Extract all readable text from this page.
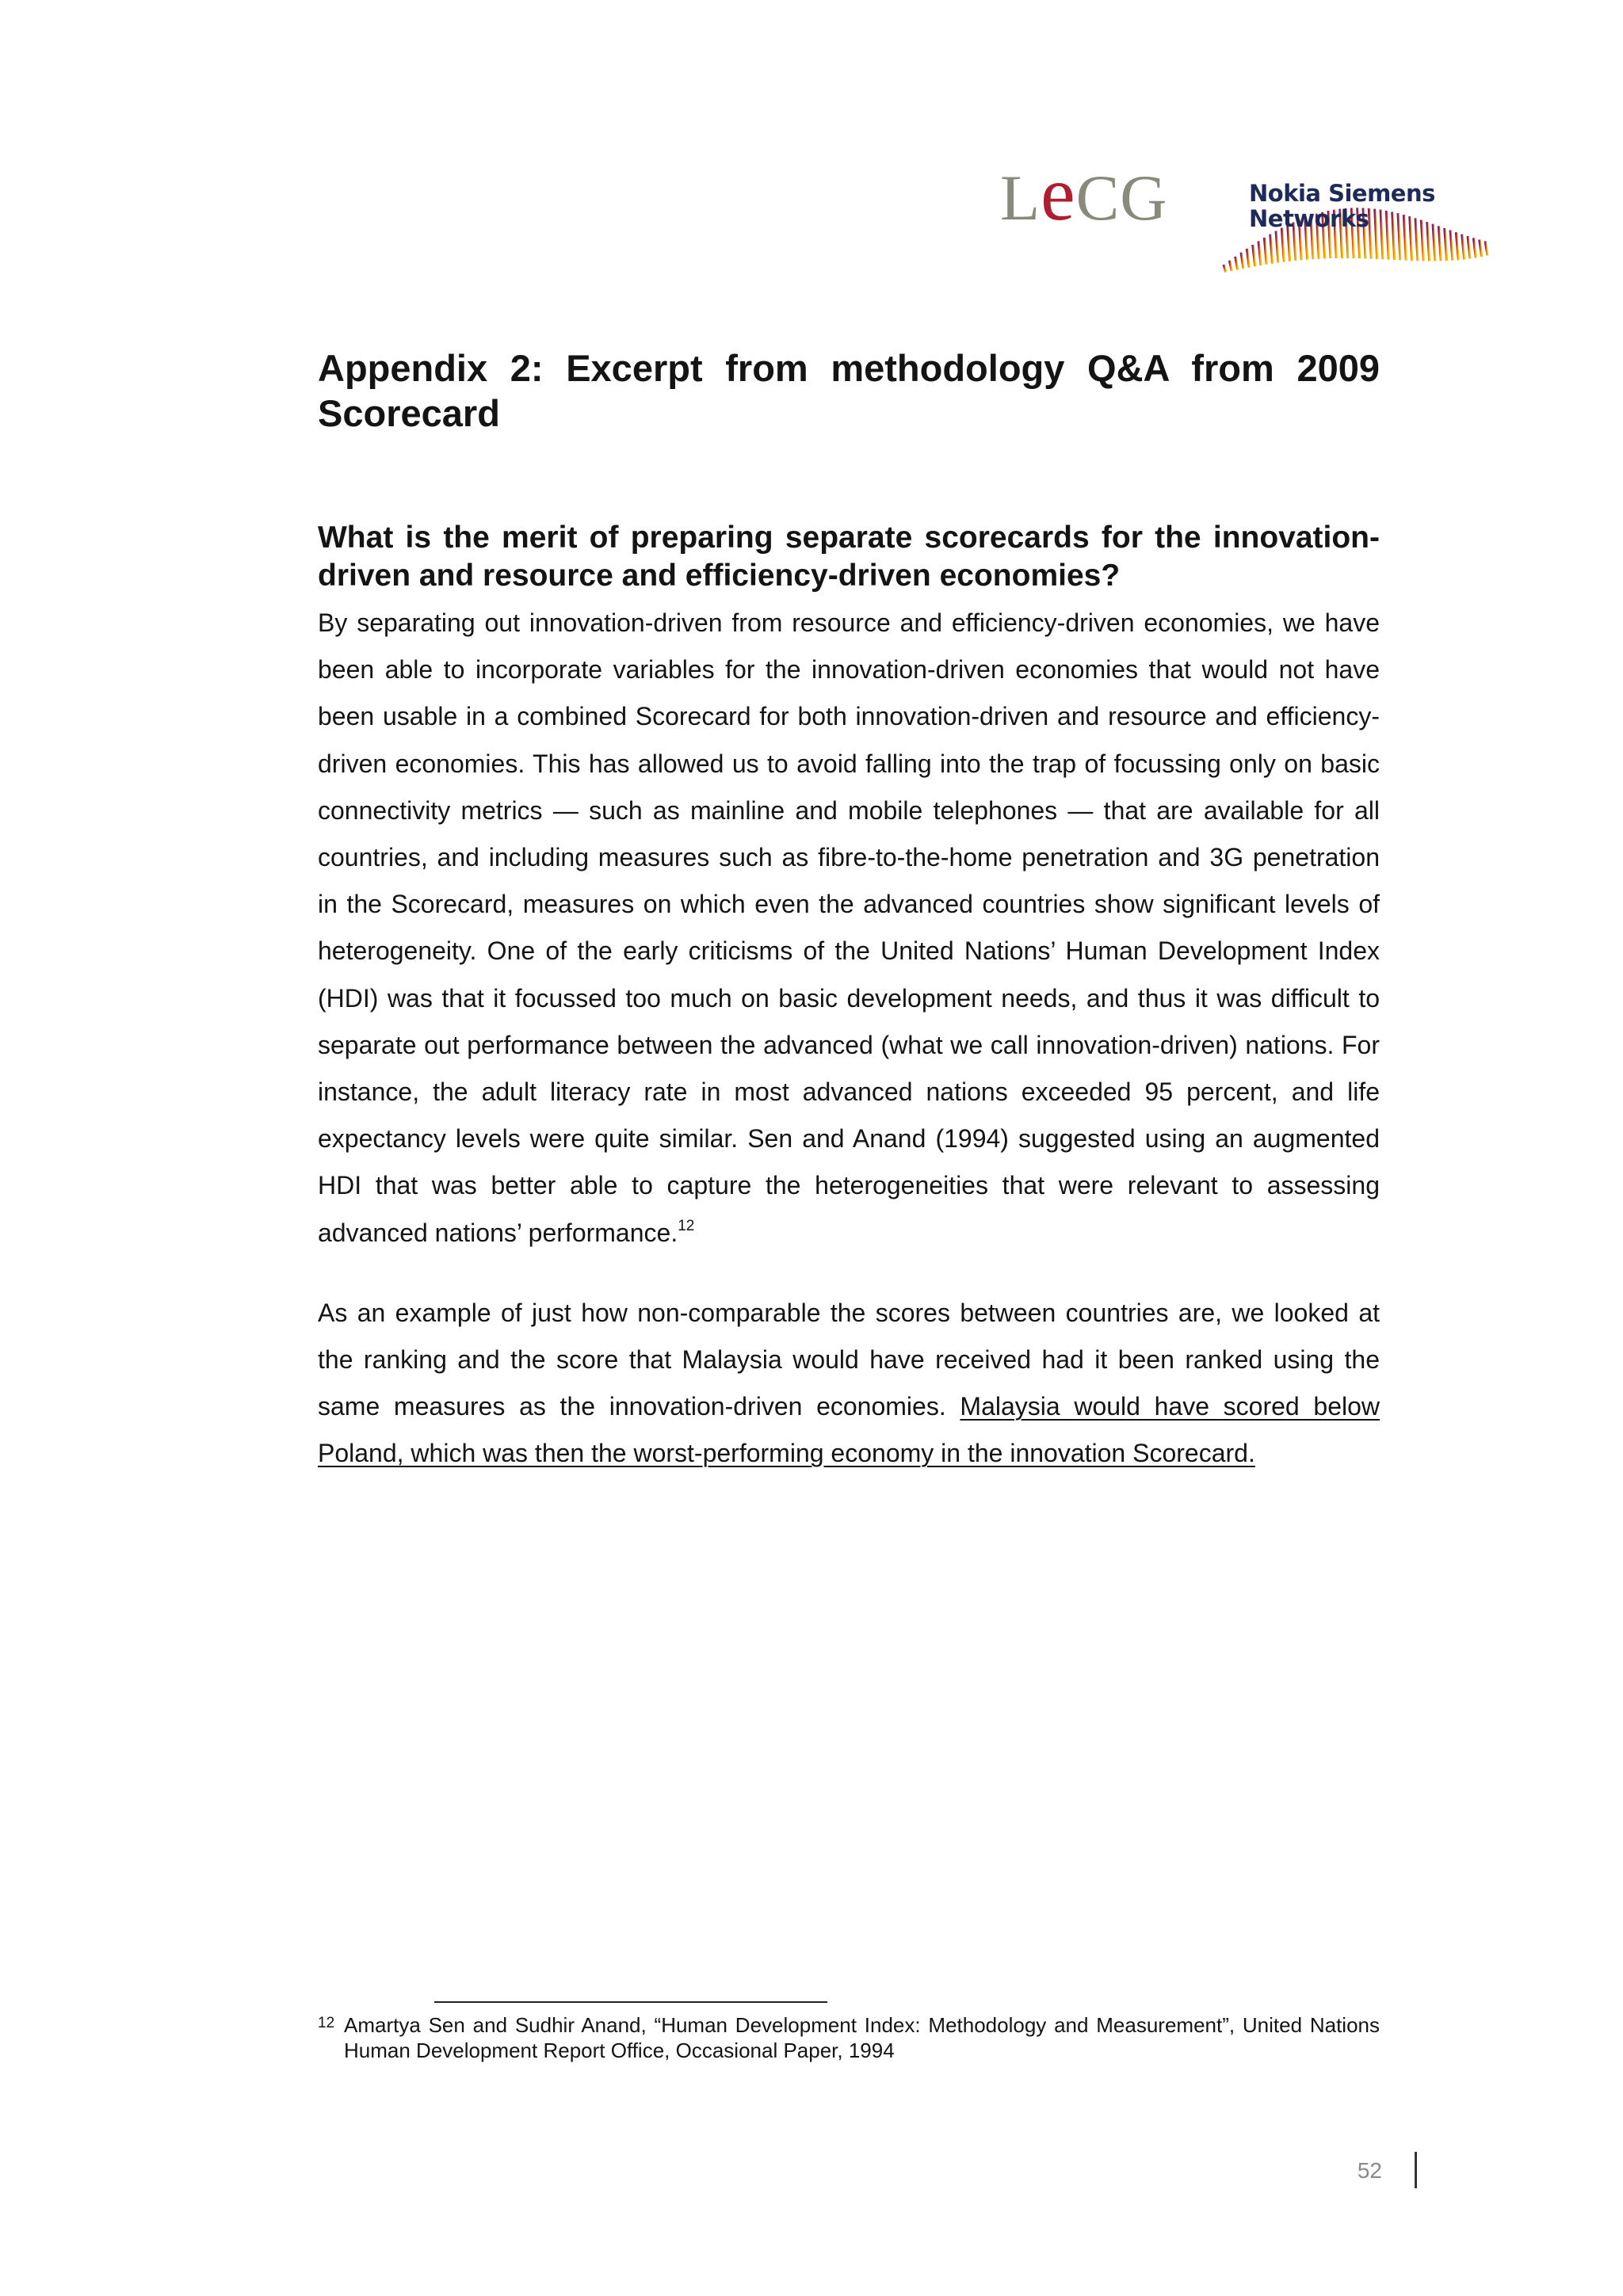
LeCG	Nokia Siemens
Networks
Appendix 2: Excerpt from methodology Q&A from 2009 Scorecard
What is the merit of preparing separate scorecards for the innovation-driven and resource and efficiency-driven economies?

By separating out innovation-driven from resource and efficiency-driven economies, we have been able to incorporate variables for the innovation-driven economies that would not have been usable in a combined Scorecard for both innovation-driven and resource and efficiency-driven economies. This has allowed us to avoid falling into the trap of focussing only on basic connectivity metrics — such as mainline and mobile telephones — that are available for all countries, and including measures such as fibre-to-the-home penetration and 3G penetration in the Scorecard, measures on which even the advanced countries show significant levels of heterogeneity. One of the early criticisms of the United Nations’ Human Development Index (HDI) was that it focussed too much on basic development needs, and thus it was difficult to separate out performance between the advanced (what we call innovation-driven) nations. For instance, the adult literacy rate in most advanced nations exceeded 95 percent, and life expectancy levels were quite similar. Sen and Anand (1994) suggested using an augmented HDI that was better able to capture the heterogeneities that were relevant to assessing advanced nations’ performance.$^{12}$

As an example of just how non-comparable the scores between countries are, we looked at the ranking and the score that Malaysia would have received had it been ranked using the same measures as the innovation-driven economies. Malaysia would have scored below Poland, which was then the worst-performing economy in the innovation Scorecard.

12 Amartya Sen and Sudhir Anand, “Human Development Index: Methodology and Measurement”, United Nations Human Development Report Office, Occasional Paper, 1994
52
